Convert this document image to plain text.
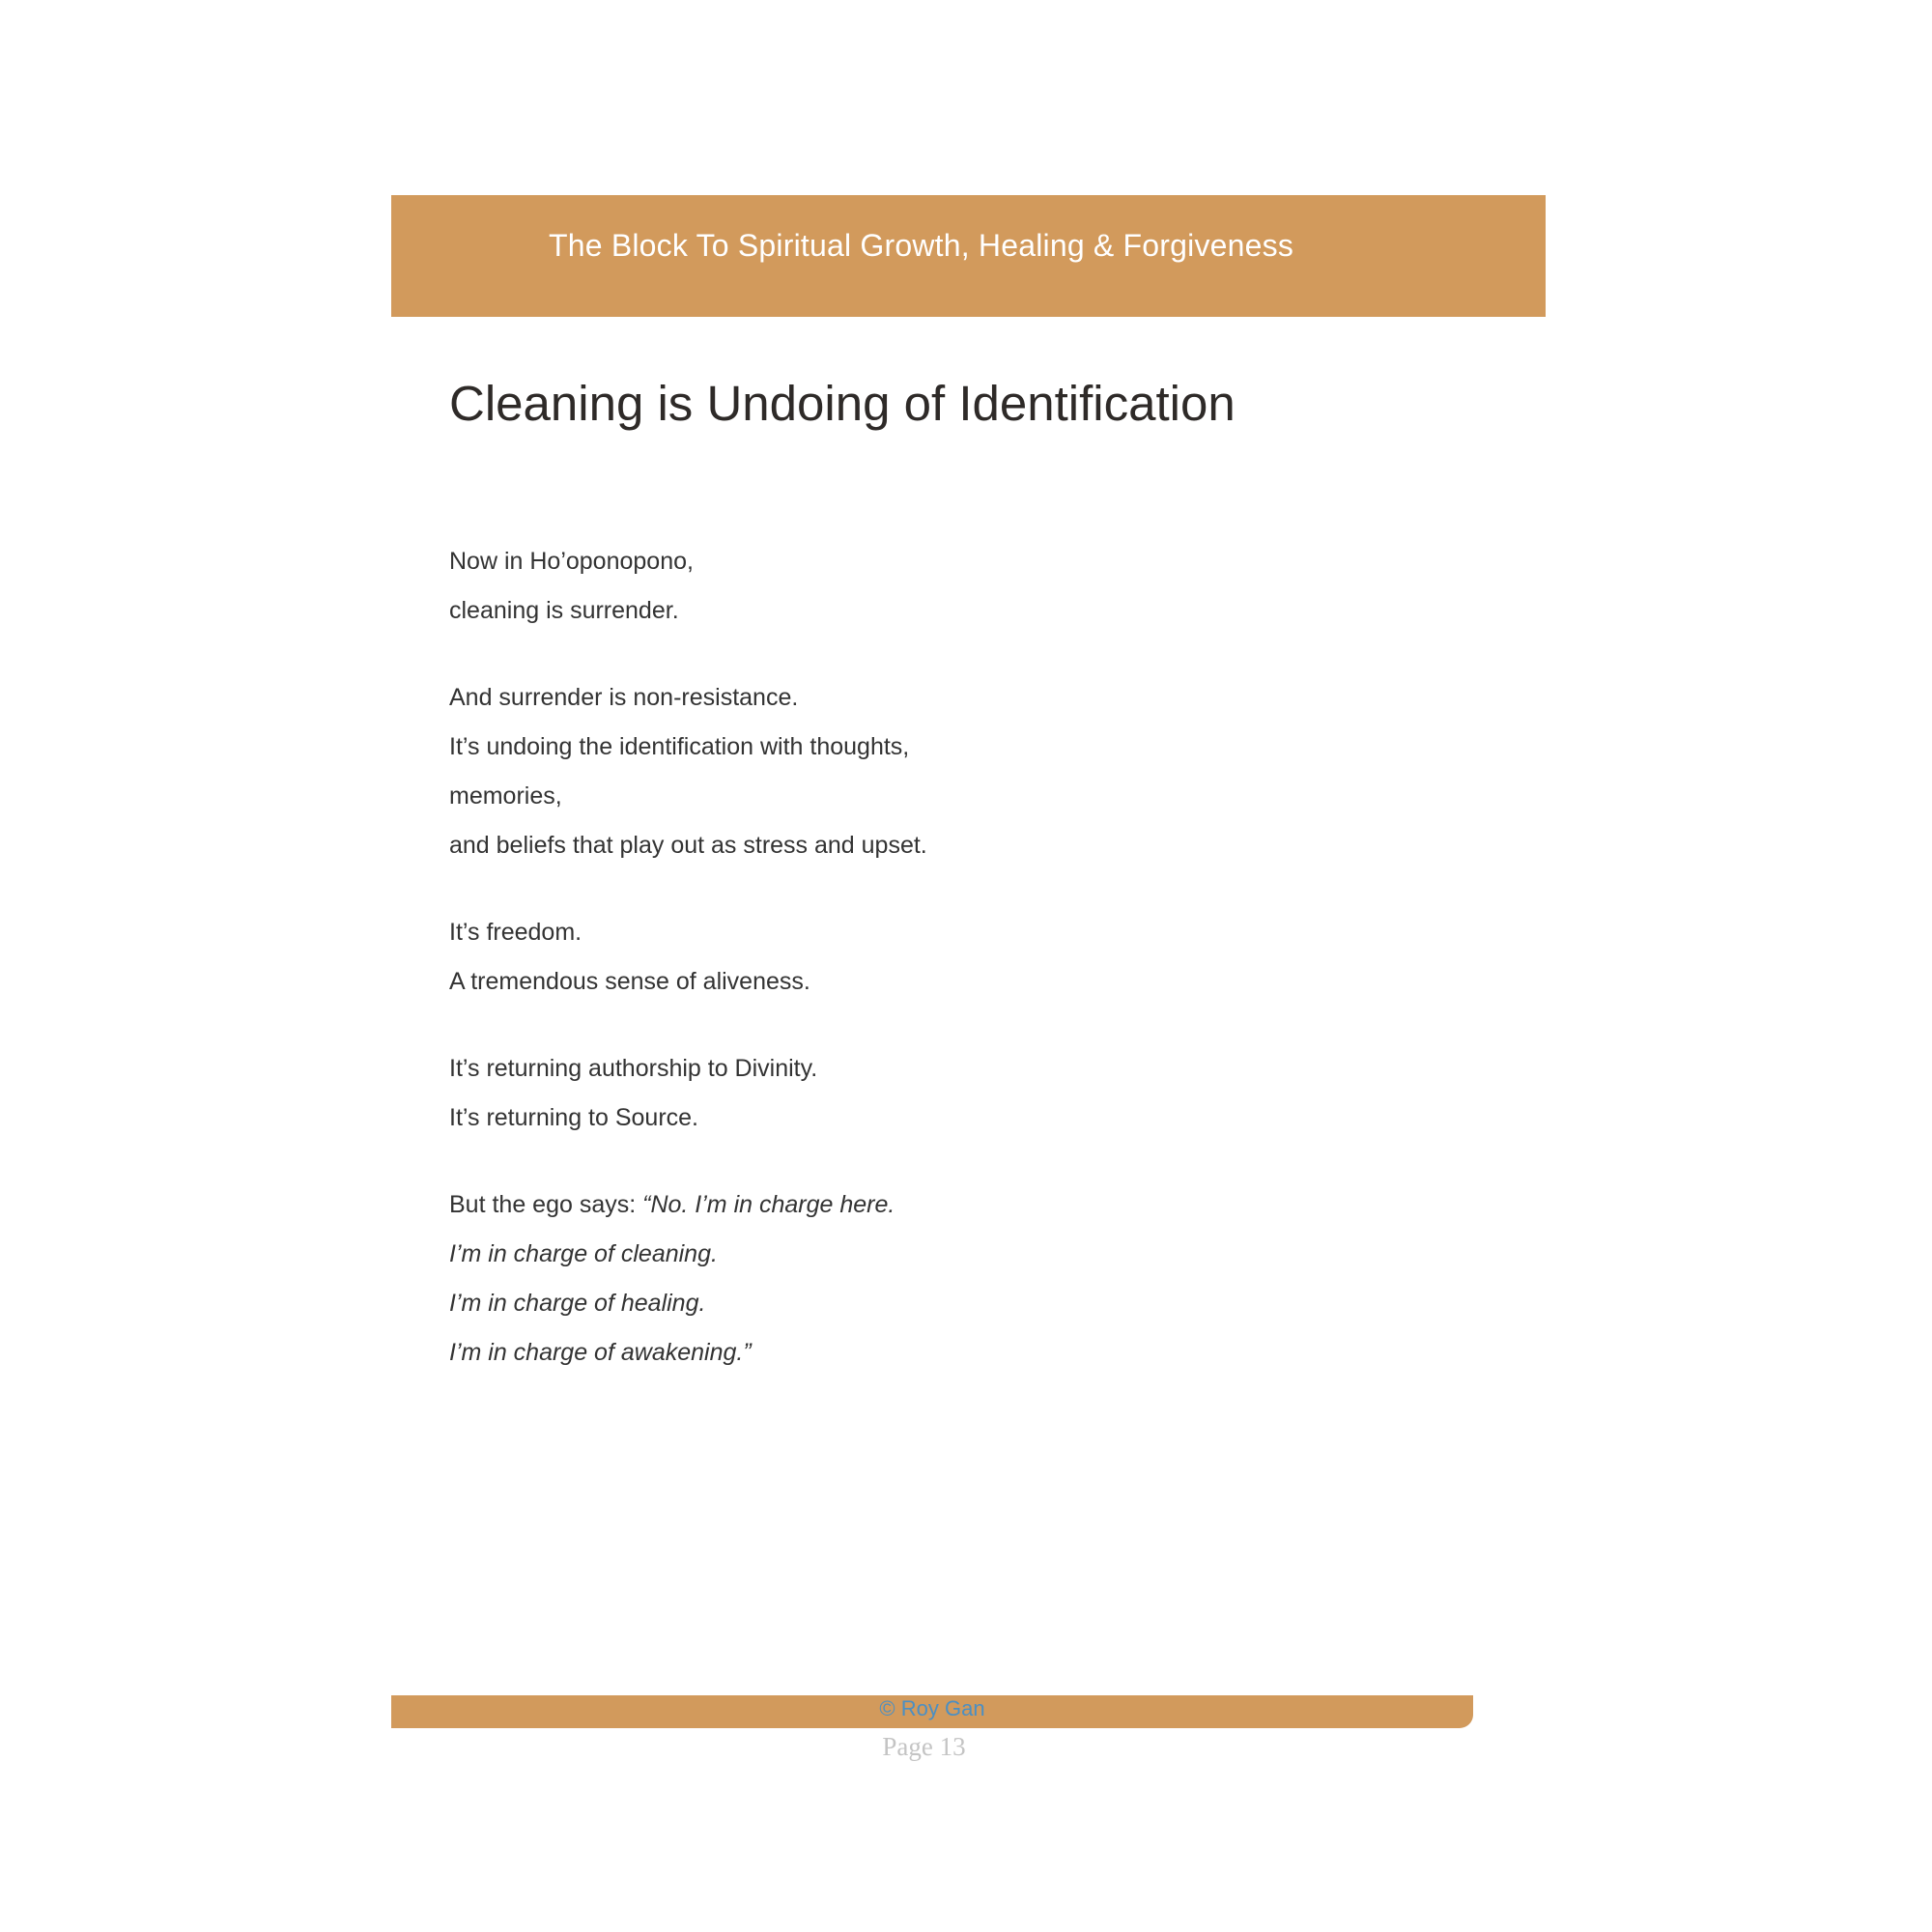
The Block To Spiritual Growth, Healing & Forgiveness
Cleaning is Undoing of Identification
Now in Ho’oponopono,
cleaning is surrender.
And surrender is non-resistance.
It’s undoing the identification with thoughts,
memories,
and beliefs that play out as stress and upset.
It’s freedom.
A tremendous sense of aliveness.
It’s returning authorship to Divinity.
It’s returning to Source.
But the ego says: “No. I’m in charge here.
I’m in charge of cleaning.
I’m in charge of healing.
I’m in charge of awakening.”
© Roy Gan
Page 13
